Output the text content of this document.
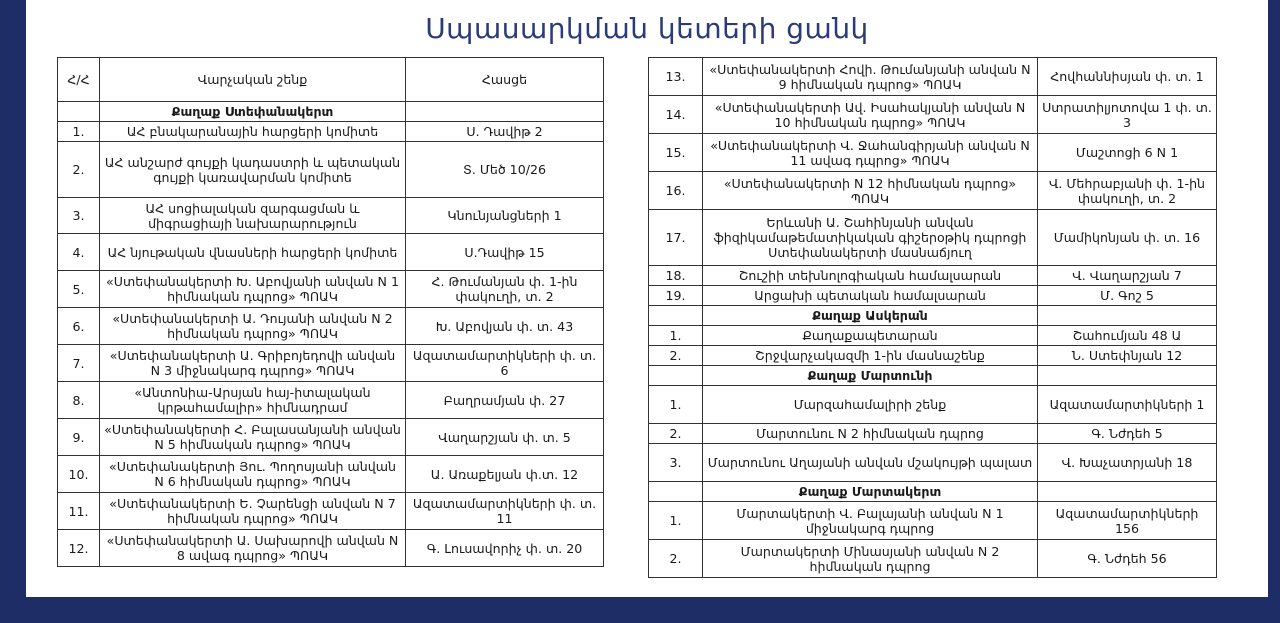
Սպասարկման կետերի ցանկ
Հ/Հ	Վարչական շենք	Հասցե
	Քաղաք Ստեփանակերտ	
1.	ԱՀ բնակարանային հարցերի կոմիտե	Ս. Դավիթ 2
2.	ԱՀ անշարժ գույքի կադաստրի և պետական գույքի կառավարման կոմիտե	Տ. Մեծ 10/26
3.	ԱՀ սոցիալական զարգացման և միգրացիայի նախարարություն	Կնունյանցների 1
4.	ԱՀ նյութական վնասների հարցերի կոմիտե	Ս.Դավիթ 15
5.	«Ստեփանակերտի Խ. Աբովյանի անվան N 1 հիմնական դպրոց» ՊՈԱԿ	Հ. Թումանյան փ. 1-ին փակուղի, տ. 2
6.	«Ստեփանակերտի Ա. Դույանի անվան N 2 հիմնական դպրոց» ՊՈԱԿ	Խ. Աբովյան փ. տ. 43
7.	«Ստեփանակերտի Ա. Գրիբոյեդովի անվան N 3 միջնակարգ դպրոց» ՊՈԱԿ	Ազատամարտիկների փ. տ. 6
8.	«Անտոնիա-Արսյան հայ-իտալական կրթահամալիր» հիմնադրամ	Բաղրամյան փ. 27
9.	«Ստեփանակերտի Հ. Բալասանյանի անվան N 5 հիմնական դպրոց» ՊՈԱԿ	Վաղարշյան փ. տ. 5
10.	«Ստեփանակերտի Յու. Պողոսյանի անվան N 6 հիմնական դպրոց» ՊՈԱԿ	Ա. Առաքելյան փ.տ. 12
11.	«Ստեփանակերտի Ե. Չարենցի անվան N 7 հիմնական դպրոց» ՊՈԱԿ	Ազատամարտիկների փ. տ. 11
12.	«Ստեփանակերտի Ա. Սախարովի անվան N 8 ավագ դպրոց» ՊՈԱԿ	Գ. Լուսավորիչ փ. տ. 20
13.	«Ստեփանակերտի Հովի. Թումանյանի անվան N 9 հիմնական դպրոց» ՊՈԱԿ	Հովհաննիսյան փ. տ. 1
14.	«Ստեփանակերտի Ավ. Իսահակյանի անվան N 10 հիմնական դպրոց» ՊՈԱԿ	Ստրատիլյոտովա 1 փ. տ. 3
15.	«Ստեփանակերտի Վ. Ջահանգիրյանի անվան N 11 ավագ դպրոց» ՊՈԱԿ	Մաշտոցի 6 N 1
16.	«Ստեփանակերտի N 12 հիմնական դպրոց» ՊՈԱԿ	Վ. Մեհրաբյանի փ. 1-ին փակուղի, տ. 2
17.	Երևանի Ա. Շահինյանի անվան ֆիզիկամաթեմատիկական գիշերօթիկ դպրոցի Ստեփանակերտի մասնաճյուղ	Մամիկոնյան փ. տ. 16
18.	Շուշիի տեխնոլոգիական համալսարան	Վ. Վաղարշյան 7
19.	Արցախի պետական համալսարան	Մ. Գոշ 5
	Քաղաք Ասկերան	
1.	Քաղաքապետարան	Շահումյան 48 Ա
2.	Շրջվարչակազմի 1-ին մասնաշենք	Ն. Ստեփնյան 12
	Քաղաք Մարտունի	
1.	Մարզահամալիրի շենք	Ազատամարտիկների 1
2.	Մարտունու N 2 հիմնական դպրոց	Գ. Նժդեհ 5
3.	Մարտունու Աղայանի անվան մշակույթի պալատ	Վ. Խաչատրյանի 18
	Քաղաք Մարտակերտ	
1.	Մարտակերտի Վ. Բալայանի անվան N 1 միջնակարգ դպրոց	Ազատամարտիկների 156
2.	Մարտակերտի Մինասյանի անվան N 2 հիմնական դպրոց	Գ. Նժդեհ 56
